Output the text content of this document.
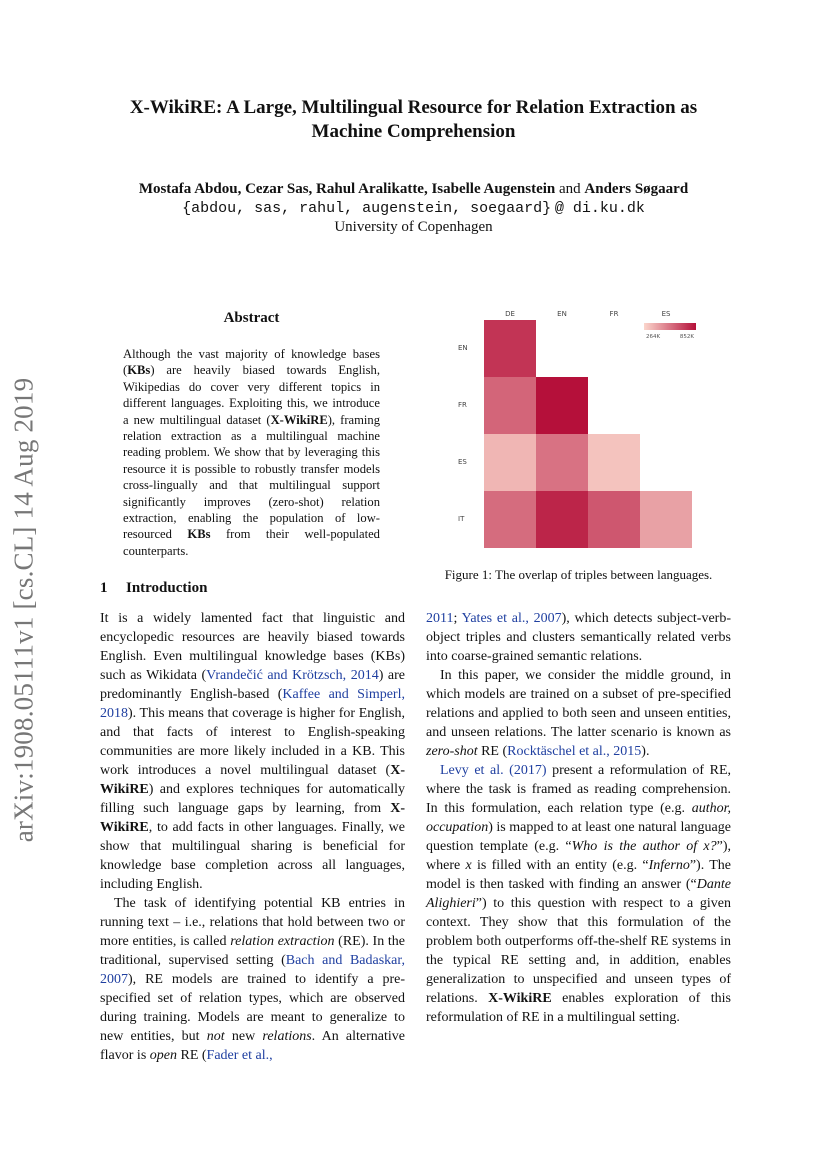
arXiv:1908.05111v1 [cs.CL] 14 Aug 2019
X-WikiRE: A Large, Multilingual Resource for Relation Extraction as
Machine Comprehension
Mostafa Abdou, Cezar Sas, Rahul Aralikatte, Isabelle Augenstein and Anders Søgaard
{abdou, sas, rahul, augenstein, soegaard} @ di.ku.dk
University of Copenhagen
Abstract
Although the vast majority of knowledge bases (KBs) are heavily biased towards English, Wikipedias do cover very different topics in different languages. Exploiting this, we introduce a new multilingual dataset (X-WikiRE), framing relation extraction as a multilingual machine reading problem. We show that by leveraging this resource it is possible to robustly transfer models cross-lingually and that multilingual support significantly improves (zero-shot) relation extraction, enabling the population of low-resourced KBs from their well-populated counterparts.
1 Introduction

It is a widely lamented fact that linguistic and encyclopedic resources are heavily biased towards English. Even multilingual knowledge bases (KBs) such as Wikidata (Vrandečić and Krötzsch, 2014) are predominantly English-based (Kaffee and Simperl, 2018). This means that coverage is higher for English, and that facts of interest to English-speaking communities are more likely included in a KB. This work introduces a novel multilingual dataset (X-WikiRE) and explores techniques for automatically filling such language gaps by learning, from X-WikiRE, to add facts in other languages. Finally, we show that multilingual sharing is beneficial for knowledge base completion across all languages, including English.

The task of identifying potential KB entries in running text – i.e., relations that hold between two or more entities, is called relation extraction (RE). In the traditional, supervised setting (Bach and Badaskar, 2007), RE models are trained to identify a pre-specified set of relation types, which are observed during training. Models are meant to generalize to new entities, but not new relations. An alternative flavor is open RE (Fader et al.,

DE	EN	FR	ES
EN
FR
ES
IT
264K	852K
Figure 1: The overlap of triples between languages.

2011; Yates et al., 2007), which detects subject-verb-object triples and clusters semantically related verbs into coarse-grained semantic relations.

In this paper, we consider the middle ground, in which models are trained on a subset of pre-specified relations and applied to both seen and unseen entities, and unseen relations. The latter scenario is known as zero-shot RE (Rocktäschel et al., 2015).

Levy et al. (2017) present a reformulation of RE, where the task is framed as reading comprehension. In this formulation, each relation type (e.g. author, occupation) is mapped to at least one natural language question template (e.g. “Who is the author of x?”), where x is filled with an entity (e.g. “Inferno”). The model is then tasked with finding an answer (“Dante Alighieri”) to this question with respect to a given context. They show that this formulation of the problem both outperforms off-the-shelf RE systems in the typical RE setting and, in addition, enables generalization to unspecified and unseen types of relations. X-WikiRE enables exploration of this reformulation of RE in a multilingual setting.
